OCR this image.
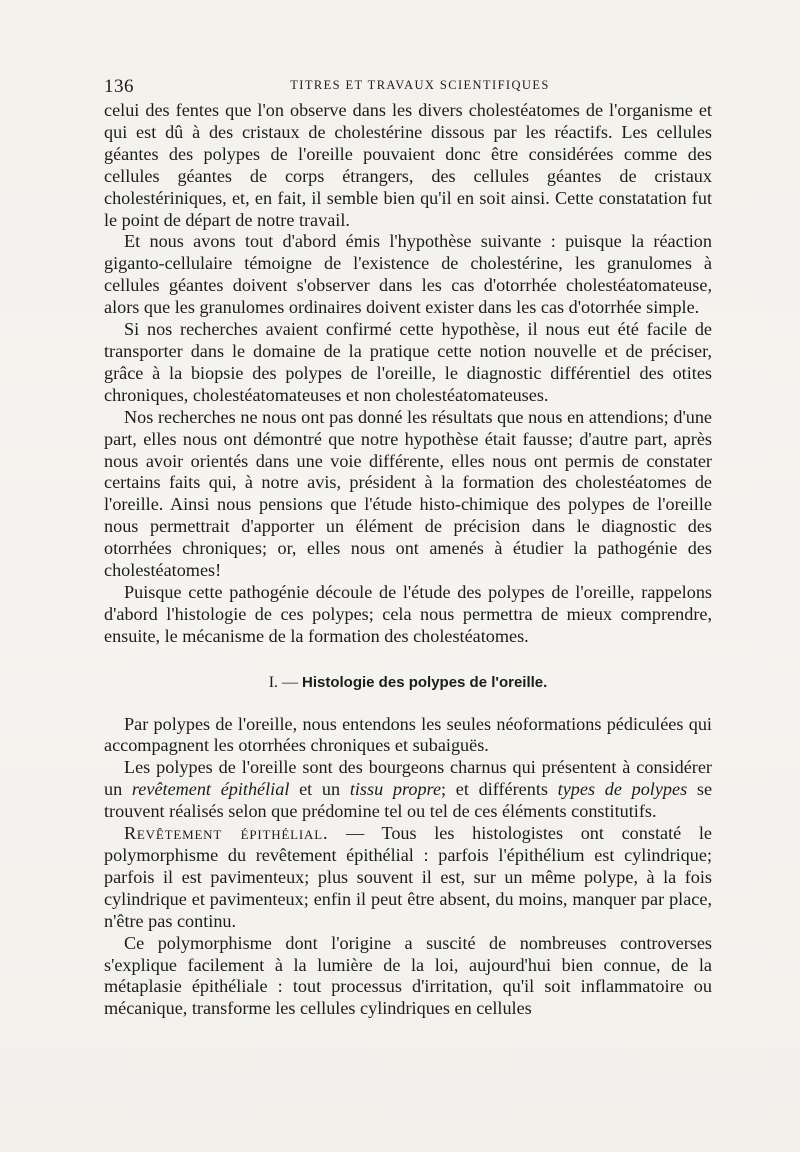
136	TITRES ET TRAVAUX SCIENTIFIQUES

celui des fentes que l'on observe dans les divers cholestéatomes de l'organisme et qui est dû à des cristaux de cholestérine dissous par les réactifs. Les cellules géantes des polypes de l'oreille pouvaient donc être considérées comme des cellules géantes de corps étrangers, des cellules géantes de cristaux cholestériniques, et, en fait, il semble bien qu'il en soit ainsi. Cette constatation fut le point de départ de notre travail.

Et nous avons tout d'abord émis l'hypothèse suivante : puisque la réaction giganto-cellulaire témoigne de l'existence de cholestérine, les granulomes à cellules géantes doivent s'observer dans les cas d'otorrhée cholestéatomateuse, alors que les granulomes ordinaires doivent exister dans les cas d'otorrhée simple.

Si nos recherches avaient confirmé cette hypothèse, il nous eut été facile de transporter dans le domaine de la pratique cette notion nouvelle et de préciser, grâce à la biopsie des polypes de l'oreille, le diagnostic différentiel des otites chroniques, cholestéatomateuses et non cholestéatomateuses.

Nos recherches ne nous ont pas donné les résultats que nous en attendions; d'une part, elles nous ont démontré que notre hypothèse était fausse; d'autre part, après nous avoir orientés dans une voie différente, elles nous ont permis de constater certains faits qui, à notre avis, président à la formation des cholestéatomes de l'oreille. Ainsi nous pensions que l'étude histo-chimique des polypes de l'oreille nous permettrait d'apporter un élément de précision dans le diagnostic des otorrhées chroniques; or, elles nous ont amenés à étudier la pathogénie des cholestéatomes!

Puisque cette pathogénie découle de l'étude des polypes de l'oreille, rappelons d'abord l'histologie de ces polypes; cela nous permettra de mieux comprendre, ensuite, le mécanisme de la formation des cholestéatomes.

I. — Histologie des polypes de l'oreille.

Par polypes de l'oreille, nous entendons les seules néoformations pédiculées qui accompagnent les otorrhées chroniques et subaiguës.

Les polypes de l'oreille sont des bourgeons charnus qui présentent à considérer un revêtement épithélial et un tissu propre; et différents types de polypes se trouvent réalisés selon que prédomine tel ou tel de ces éléments constitutifs.

Revêtement épithélial. — Tous les histologistes ont constaté le polymorphisme du revêtement épithélial : parfois l'épithélium est cylindrique; parfois il est pavimenteux; plus souvent il est, sur un même polype, à la fois cylindrique et pavimenteux; enfin il peut être absent, du moins, manquer par place, n'être pas continu.

Ce polymorphisme dont l'origine a suscité de nombreuses controverses s'explique facilement à la lumière de la loi, aujourd'hui bien connue, de la métaplasie épithéliale : tout processus d'irritation, qu'il soit inflammatoire ou mécanique, transforme les cellules cylindriques en cellules
